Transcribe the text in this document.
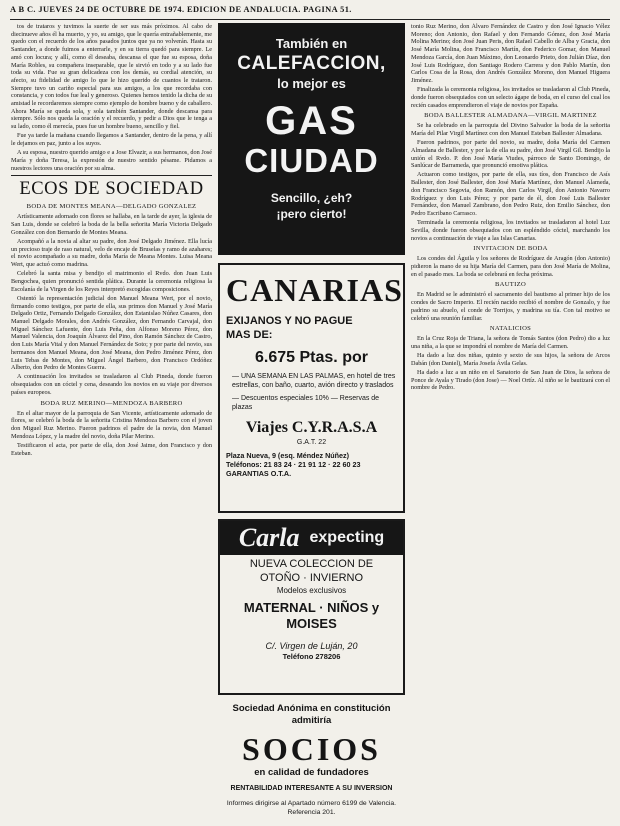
A B C. JUEVES 24 DE OCTUBRE DE 1974. EDICION DE ANDALUCIA. PAGINA 51.
tos de trataros y tuvimos la suerte de ser sus más próximos. Al cabo de diecinueve años él ha muerto, y yo, su amigo, que le quería entrañablemente, me quedo con el recuerdo de los años pasados juntos que ya no volverán. Hasta su Santander, a donde fuimos a enterrarle, y en su tierra quedó para siempre. Le amó con locura; y allí, como él deseaba, descansa el que fue su esposa, doña María Robles, su compañera inseparable, que le sirvió en todo y a su lado fue toda su vida. Fue su gran delicadeza con los demás, su cordial atención, su afecto, su fidelidad de amigo lo que le hizo querido de cuantos le trataron. Siempre tuvo un cariño especial para sus amigos, a los que recordaba con constancia, y con todos fue leal y generoso. Quienes hemos tenido la dicha de su amistad le recordaremos siempre como ejemplo de hombre bueno y de caballero. Ahora María se queda sola, y sola también Santander, donde descansa para siempre. Sólo nos queda la oración y el recuerdo, y pedir a Dios que le tenga a su lado, como él merecía, pues fue un hombre bueno, sencillo y fiel.
Fue ya tarde la mañana cuando llegamos a Santander, dentro de la pena, y allí le dejamos en paz, junto a los suyos.
A su esposa, nuestro querido amigo e a Jose Elvazir, a sus hermanos, don José María y doña Teresa, la expresión de nuestro sentido pésame. Pidamos a nuestros lectores una oración por su alma.
ECOS DE SOCIEDAD
BODA DE MONTES MEANA—DELGADO GONZALEZ
Artísticamente adornado con flores se hallaba, en la tarde de ayer, la iglesia de San Luis, donde se celebró la boda de la bella señorita María Victoria Delgado González con don Bernardo de Montes Meana.
Acompañó a la novia al altar su padre, don José Delgado Jiménez. Ella lucía un precioso traje de raso natural, velo de encaje de Bruselas y ramo de azahares; el novio acompañado a su madre, doña María de Meana Montes. Luisa Meana Wert, que actuó como madrina.
Celebró la santa misa y bendijo el matrimonio el Rvdo. don Juan Luis Bengochea, quien pronunció sentida plática. Durante la ceremonia religiosa la Escolanía de la Virgen de los Reyes interpretó escogidas composiciones.
Ostentó la representación judicial don Manuel Meana Wert, por el novio, firmando como testigos, por parte de ella, sus primos don Manuel y José María Delgado Ortiz, Fernando Delgado González, don Estanislao Núñez Casares, don Manuel Delgado Morales, don Andrés González, don Fernando Carvajal, don Miguel Sánchez Lafuente, don Luis Peña, don Alfonso Moreno Pérez, don Manuel Valencia, don Joaquín Álvarez del Pino, don Ramón Sánchez de Castro, don Luis María Vital y don Manuel Fernández de Soto; y por parte del novio, sus hermanos don Manuel Meana, don José Meana, don Pedro Jiménez Pérez, don Luis Tebas de Montes, don Miguel Ángel Barbero, don Francisco Ordóñez Alberto, don Pedro de Montes Guerra.
A continuación los invitados se trasladaron al Club Pineda, donde fueron obsequiados con un cóctel y cena, deseando los novios en su viaje por diversos países europeos.
BODA RUZ MERINO—MENDOZA BARBERO
En el altar mayor de la parroquia de San Vicente, artísticamente adornado de flores, se celebró la boda de la señorita Cristina Mendoza Barbero con el joven don Miguel Ruz Merino. Fueron padrinos el padre de la novia, don Manuel Mendoza López, y la madre del novio, doña Pilar Merino.
Testificaron el acta, por parte de ella, don José Jaime, don Francisco y don Esteban.
También en
CALEFACCION,
lo mejor es
GAS
CIUDAD
Sencillo, ¿eh?
¡pero cierto!
CANARIAS
EXIJANOS Y NO PAGUE
MAS DE:
6.675 Ptas. por
— UNA SEMANA EN LAS PALMAS, en hotel de tres estrellas, con baño, cuarto, avión directo y traslados
— Descuentos especiales 10% — Reservas de plazas
Viajes C.Y.R.A.S.A
G.A.T. 22
Plaza Nueva, 9 (esq. Méndez Núñez)
Teléfonos: 21 83 24 · 21 91 12 · 22 60 23
GARANTIAS O.T.A.
Carla expecting
NUEVA COLECCION DE
OTOÑO · INVIERNO
Modelos exclusivos
MATERNAL · NIÑOS y
MOISES
C/. Virgen de Luján, 20
Teléfono 278206
Sociedad Anónima en constitución admitiría
SOCIOS
en calidad de fundadores
RENTABILIDAD INTERESANTE A SU INVERSION
Informes dirigirse al Apartado número 6199 de Valencia. Referencia 201.
tonio Ruz Merino, don Álvaro Fernández de Castro y don José Ignacio Vélez Moreno; don Antonio, don Rafael y don Fernando Gómez, don José María Molina Merino; don José Juan Peris, don Rafael Cabello de Alba y Gracia, don José María Molina, don Francisco Martín, don Federico Gomar, don Manuel Mendoza García, don Juan Máximo, don Leonardo Prieto, don Julián Díaz, don José Luis Rodríguez, don Santiago Rodero Carrera y don Pablo Martín, don Carlos Cosa de la Rosa, don Andrés González Moreno, don Manuel Higuera Jiménez.
Finalizada la ceremonia religiosa, los invitados se trasladaron al Club Pineda, donde fueron obsequiados con un selecto ágape de boda, en el curso del cual los recién casados emprendieron el viaje de novios por España.
BODA BALLESTER ALMADANA—VIRGIL MARTINEZ
Se ha celebrado en la parroquia del Divino Salvador la boda de la señorita María del Pilar Virgil Martínez con don Manuel Esteban Ballester Almadana.
Fueron padrinos, por parte del novio, su madre, doña María del Carmen Almadana de Ballester, y por la de ella su padre, don José Virgil Gil. Bendijo la unión el Rvdo. P. don José María Viudes, párroco de Santo Domingo, de Sanlúcar de Barrameda, que pronunció emotiva plática.
Actuaron como testigos, por parte de ella, sus tíos, don Francisco de Asís Ballester, don José Ballester, don José María Martínez, don Manuel Alameda, don Francisco Segovia, don Ramón, don Carlos Virgil, don Antonio Navarro Rodríguez y don Luis Pérez; y por parte de él, don José Luis Ballester Fernández, don Manuel Zambrano, don Pedro Ruiz, don Emilio Sánchez, don Pedro Escribano Carrasco.
Terminada la ceremonia religiosa, los invitados se trasladaron al hotel Luz Sevilla, donde fueron obsequiados con un espléndido cóctel, marchando los novios a continuación de viaje a las Islas Canarias.
INVITACION DE BODA
Los condes del Águila y los señores de Rodríguez de Aragón (don Antonio) pidieron la mano de su hija María del Carmen, para don José María de Molina, en el pasado mes. La boda se celebrará en fecha próxima.
BAUTIZO
En Madrid se le administró el sacramento del bautismo al primer hijo de los condes de Sacro Imperio. El recién nacido recibió el nombre de Gonzalo, y fue padrino su abuelo, el conde de Torrijos, y madrina su tía. Con tal motivo se celebró una reunión familiar.
NATALICIOS
En la Cruz Roja de Triana, la señora de Tomás Santos (don Pedro) dio a luz una niña, a la que se impondrá el nombre de María del Carmen.
Ha dado a luz dos niñas, quinto y sexto de sus hijos, la señora de Arcos Dabán (don Daniel), María Josefa Ávila Gelas.
Ha dado a luz a un niño en el Sanatorio de San Juan de Dios, la señora de Ponce de Ayala y Tirado (don Jose) — Noel Ortíz. Al niño se le bautizará con el nombre de Pedro.
